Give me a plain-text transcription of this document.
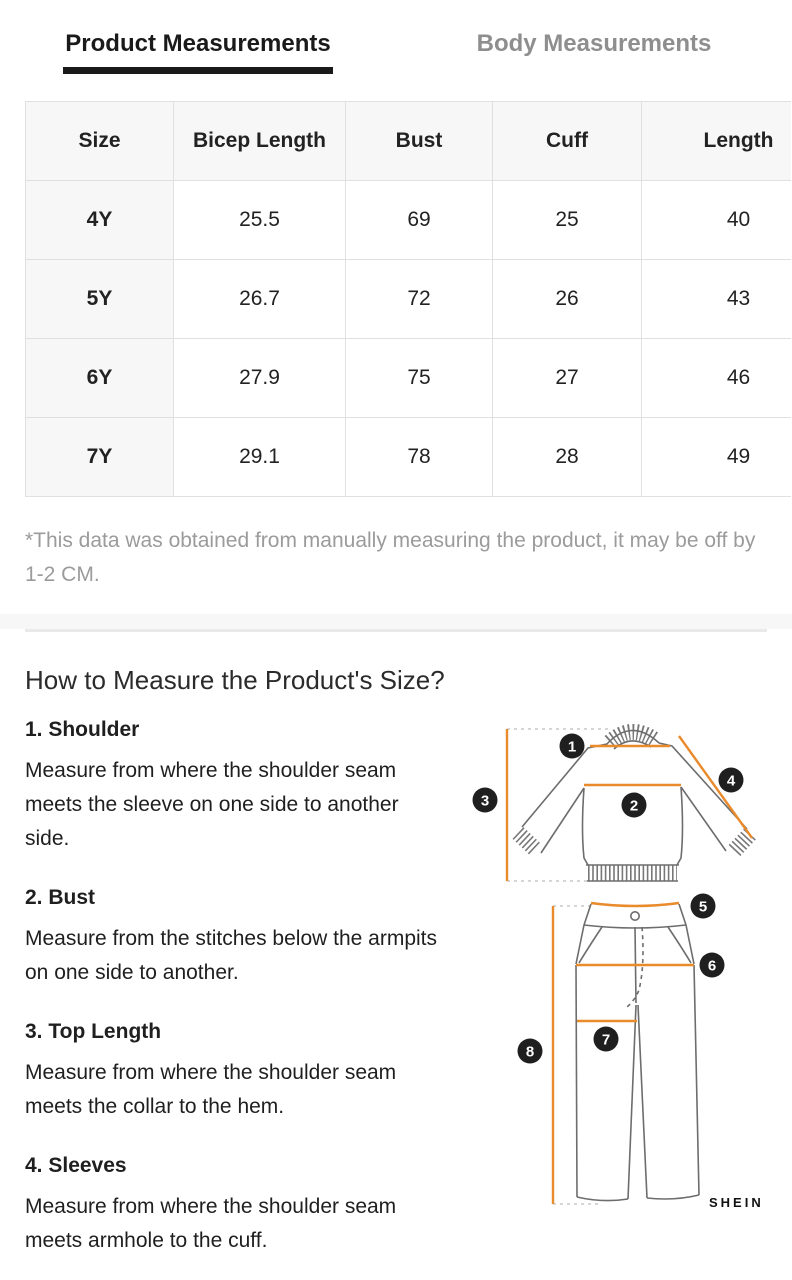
Product Measurements	Body Measurements
Size	Bicep Length	Bust	Cuff	Length
4Y	25.5	69	25	40
5Y	26.7	72	26	43
6Y	27.9	75	27	46
7Y	29.1	78	28	49

*This data was obtained from manually measuring the product, it may be off by 1-2 CM.

How to Measure the Product's Size?
1. Shoulder

Measure from where the shoulder seam meets the sleeve on one side to another side.

2. Bust

Measure from the stitches below the armpits on one side to another.

3. Top Length

Measure from where the shoulder seam meets the collar to the hem.

4. Sleeves

Measure from where the shoulder seam meets armhole to the cuff.

1
2
3
4
5
6
7
8
SHEIN
